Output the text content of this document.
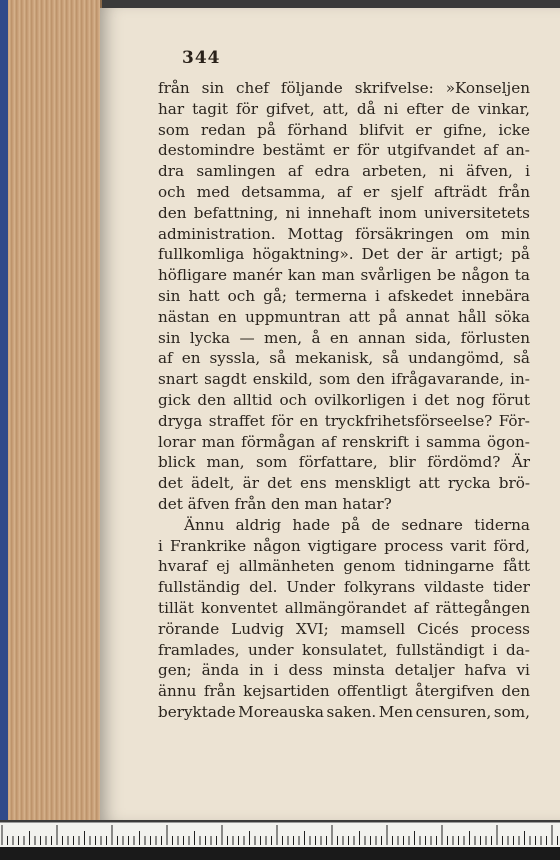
344
från sin chef följande skrifvelse: »Konseljen
har tagit för gifvet, att, då ni efter de vinkar,
som redan på förhand blifvit er gifne, icke
destomindre bestämt er för utgifvandet af an-
dra samlingen af edra arbeten, ni äfven, i
och med detsamma, af er sjelf afträdt från
den befattning, ni innehaft inom universitetets
administration. Mottag försäkringen om min
fullkomliga högaktning». Det der är artigt; på
höfligare manér kan man svårligen be någon ta
sin hatt och gå; termerna i afskedet innebära
nästan en uppmuntran att på annat håll söka
sin lycka — men, å en annan sida, förlusten
af en syssla, så mekanisk, så undangömd, så
snart sagdt enskild, som den ifrågavarande, in-
gick den alltid och ovilkorligen i det nog förut
dryga straffet för en tryckfrihetsförseelse? För-
lorar man förmågan af renskrift i samma ögon-
blick man, som författare, blir fördömd? Är
det ädelt, är det ens menskligt att rycka brö-
det äfven från den man hatar?
Ännu aldrig hade på de sednare tiderna
i Frankrike någon vigtigare process varit förd,
hvaraf ej allmänheten genom tidningarne fått
fullständig del. Under folkyrans vildaste tider
tillät konventet allmängörandet af rättegången
rörande Ludvig XVI; mamsell Cicés process
framlades, under konsulatet, fullständigt i da-
gen; ända in i dess minsta detaljer hafva vi
ännu från kejsartiden offentligt återgifven den
beryktade Moreauska saken. Men censuren, som,
